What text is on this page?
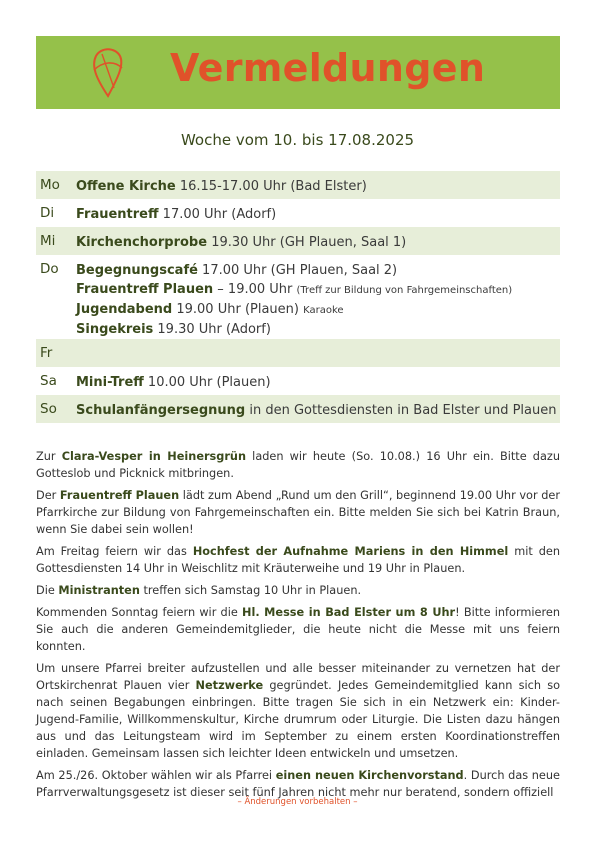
Vermeldungen
Woche vom 10. bis 17.08.2025
Mo Offene Kirche 16.15-17.00 Uhr (Bad Elster)
Di Frauentreff 17.00 Uhr (Adorf)
Mi Kirchenchorprobe 19.30 Uhr (GH Plauen, Saal 1)
Do Begegnungscafé 17.00 Uhr (GH Plauen, Saal 2)
Frauentreff Plauen – 19.00 Uhr (Treff zur Bildung von Fahrgemeinschaften)
Jugendabend 19.00 Uhr (Plauen) Karaoke
Singekreis 19.30 Uhr (Adorf)
Fr
Sa Mini-Treff 10.00 Uhr (Plauen)
So Schulanfängersegnung in den Gottesdiensten in Bad Elster und Plauen

Zur Clara-Vesper in Heinersgrün laden wir heute (So. 10.08.) 16 Uhr ein. Bitte dazu Gotteslob und Picknick mitbringen.

Der Frauentreff Plauen lädt zum Abend „Rund um den Grill“, beginnend 19.00 Uhr vor der Pfarrkirche zur Bildung von Fahrgemeinschaften ein. Bitte melden Sie sich bei Katrin Braun, wenn Sie dabei sein wollen!

Am Freitag feiern wir das Hochfest der Aufnahme Mariens in den Himmel mit den Gottesdiensten 14 Uhr in Weischlitz mit Kräuterweihe und 19 Uhr in Plauen.

Die Ministranten treffen sich Samstag 10 Uhr in Plauen.

Kommenden Sonntag feiern wir die Hl. Messe in Bad Elster um 8 Uhr! Bitte informieren Sie auch die anderen Gemeindemitglieder, die heute nicht die Messe mit uns feiern konnten.

Um unsere Pfarrei breiter aufzustellen und alle besser miteinander zu vernetzen hat der Ortskirchenrat Plauen vier Netzwerke gegründet. Jedes Gemeindemitglied kann sich so nach seinen Begabungen einbringen. Bitte tragen Sie sich in ein Netzwerk ein: Kinder-Jugend-Familie, Willkommenskultur, Kirche drumrum oder Liturgie. Die Listen dazu hängen aus und das Leitungsteam wird im September zu einem ersten Koordinationstreffen einladen. Gemeinsam lassen sich leichter Ideen entwickeln und umsetzen.

Am 25./26. Oktober wählen wir als Pfarrei einen neuen Kirchenvorstand. Durch das neue Pfarrverwaltungsgesetz ist dieser seit fünf Jahren nicht mehr nur beratend, sondern offiziell

– Änderungen vorbehalten –
